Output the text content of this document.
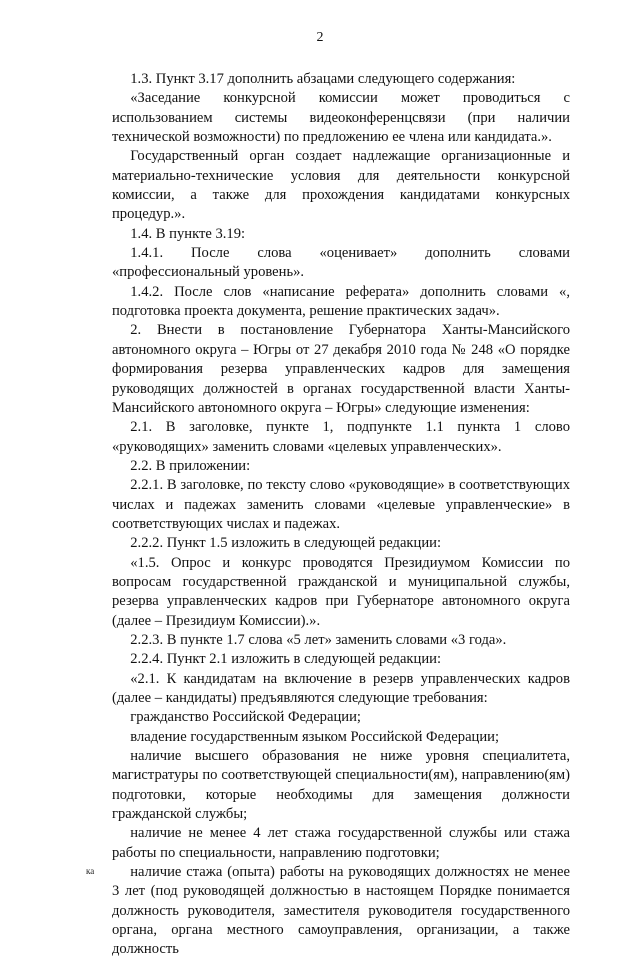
2

1.3. Пункт 3.17 дополнить абзацами следующего содержания:

«Заседание конкурсной комиссии может проводиться с использованием системы видеоконференцсвязи (при наличии технической возможности) по предложению ее члена или кандидата.».

Государственный орган создает надлежащие организационные и материально-технические условия для деятельности конкурсной комиссии, а также для прохождения кандидатами конкурсных процедур.».

1.4. В пункте 3.19:

1.4.1. После слова «оценивает» дополнить словами «профессиональный уровень».

1.4.2. После слов «написание реферата» дополнить словами «, подготовка проекта документа, решение практических задач».

2. Внести в постановление Губернатора Ханты-Мансийского автономного округа – Югры от 27 декабря 2010 года № 248 «О порядке формирования резерва управленческих кадров для замещения руководящих должностей в органах государственной власти Ханты-Мансийского автономного округа – Югры» следующие изменения:

2.1. В заголовке, пункте 1, подпункте 1.1 пункта 1 слово «руководящих» заменить словами «целевых управленческих».

2.2. В приложении:

2.2.1. В заголовке, по тексту слово «руководящие» в соответствующих числах и падежах заменить словами «целевые управленческие» в соответствующих числах и падежах.

2.2.2. Пункт 1.5 изложить в следующей редакции:

«1.5. Опрос и конкурс проводятся Президиумом Комиссии по вопросам государственной гражданской и муниципальной службы, резерва управленческих кадров при Губернаторе автономного округа (далее – Президиум Комиссии).».

2.2.3. В пункте 1.7 слова «5 лет» заменить словами «3 года».

2.2.4. Пункт 2.1 изложить в следующей редакции:

«2.1. К кандидатам на включение в резерв управленческих кадров (далее – кандидаты) предъявляются следующие требования:

гражданство Российской Федерации;

владение государственным языком Российской Федерации;

наличие высшего образования не ниже уровня специалитета, магистратуры по соответствующей специальности(ям), направлению(ям) подготовки, которые необходимы для замещения должности гражданской службы;

наличие не менее 4 лет стажа государственной службы или стажа работы по специальности, направлению подготовки;

наличие стажа (опыта) работы на руководящих должностях не менее 3 лет (под руководящей должностью в настоящем Порядке понимается должность руководителя, заместителя руководителя государственного органа, органа местного самоуправления, организации, а также должность

ка
